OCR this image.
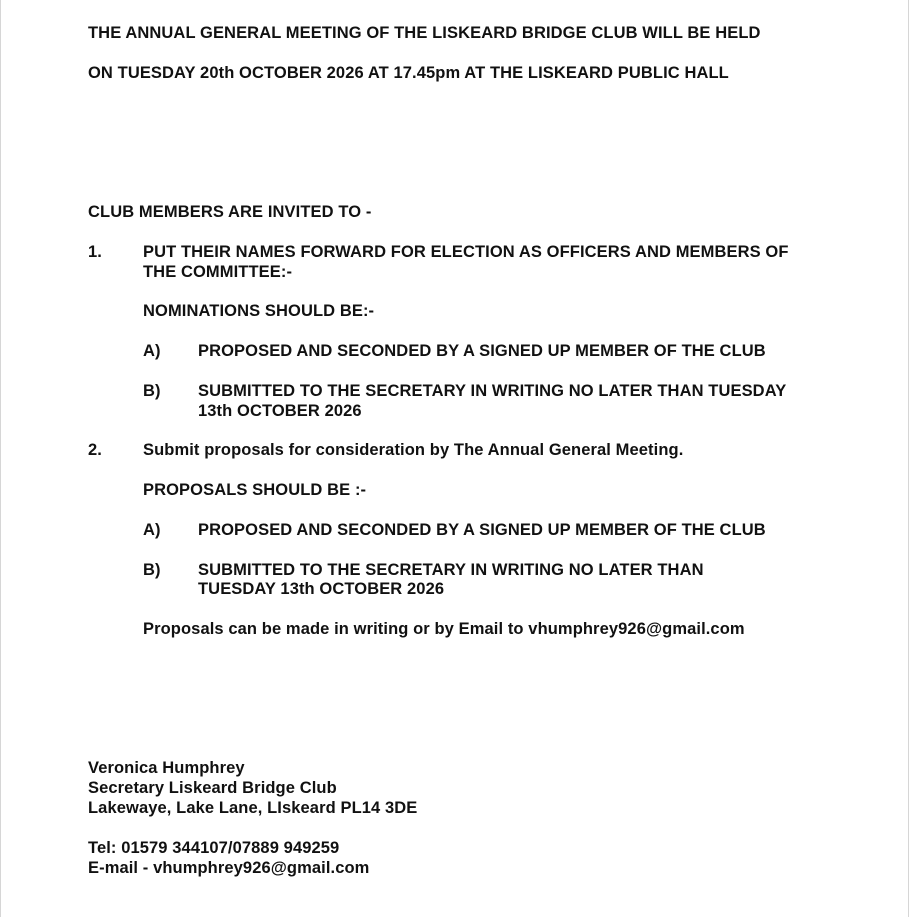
THE ANNUAL GENERAL MEETING OF THE LISKEARD BRIDGE CLUB WILL BE HELD
ON TUESDAY 20th OCTOBER 2026 AT 17.45pm AT THE LISKEARD PUBLIC HALL
CLUB MEMBERS ARE INVITED TO -
1. PUT THEIR NAMES FORWARD FOR ELECTION AS OFFICERS AND MEMBERS OF
THE COMMITTEE:-
NOMINATIONS SHOULD BE:-
A) PROPOSED AND SECONDED BY A SIGNED UP MEMBER OF THE CLUB
B) SUBMITTED TO THE SECRETARY IN WRITING NO LATER THAN TUESDAY
13th OCTOBER 2026
2. Submit proposals for consideration by The Annual General Meeting.
PROPOSALS SHOULD BE :-
A) PROPOSED AND SECONDED BY A SIGNED UP MEMBER OF THE CLUB
B) SUBMITTED TO THE SECRETARY IN WRITING NO LATER THAN
TUESDAY 13th OCTOBER 2026
Proposals can be made in writing or by Email to vhumphrey926@gmail.com
Veronica Humphrey
Secretary Liskeard Bridge Club
Lakewaye, Lake Lane, LIskeard PL14 3DE
Tel: 01579 344107/07889 949259
E-mail - vhumphrey926@gmail.com
